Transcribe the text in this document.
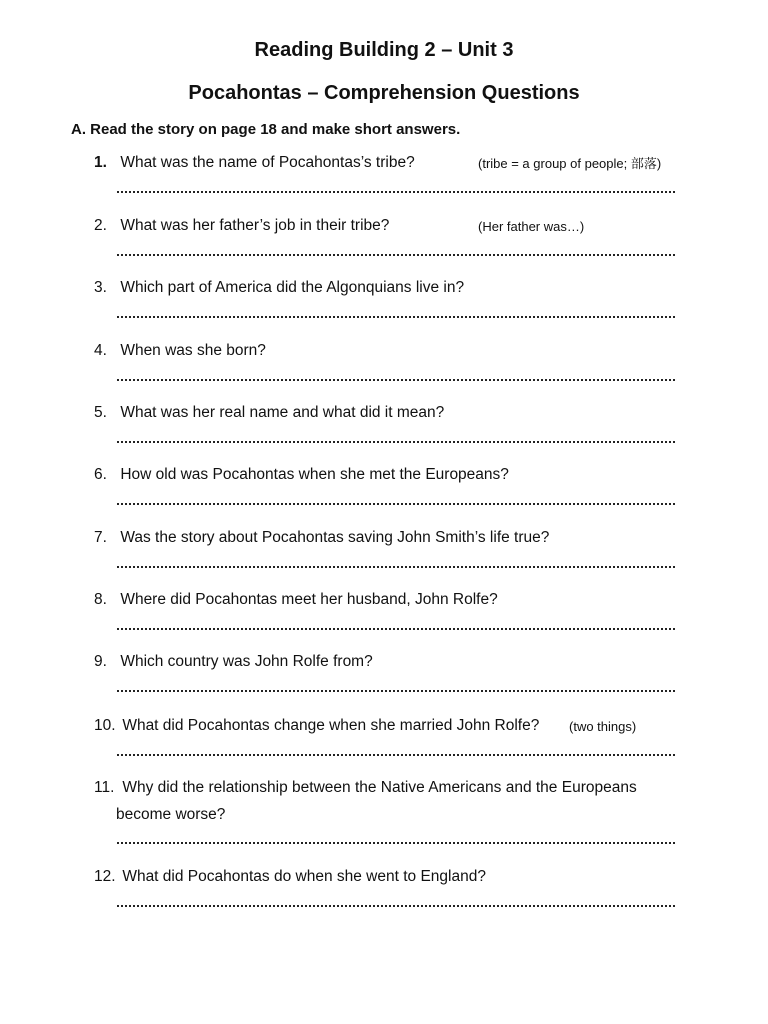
Reading Building 2 – Unit 3
Pocahontas – Comprehension Questions

A. Read the story on page 18 and make short answers.

1. What was the name of Pocahontas’s tribe?	(tribe = a group of people; 部落)

2. What was her father’s job in their tribe?	(Her father was…)

3. Which part of America did the Algonquians live in?

4. When was she born?

5. What was her real name and what did it mean?

6. How old was Pocahontas when she met the Europeans?

7. Was the story about Pocahontas saving John Smith’s life true?

8. Where did Pocahontas meet her husband, John Rolfe?

9. Which country was John Rolfe from?

10. What did Pocahontas change when she married John Rolfe? (two things)

11. Why did the relationship between the Native Americans and the Europeans
become worse?

12. What did Pocahontas do when she went to England?
